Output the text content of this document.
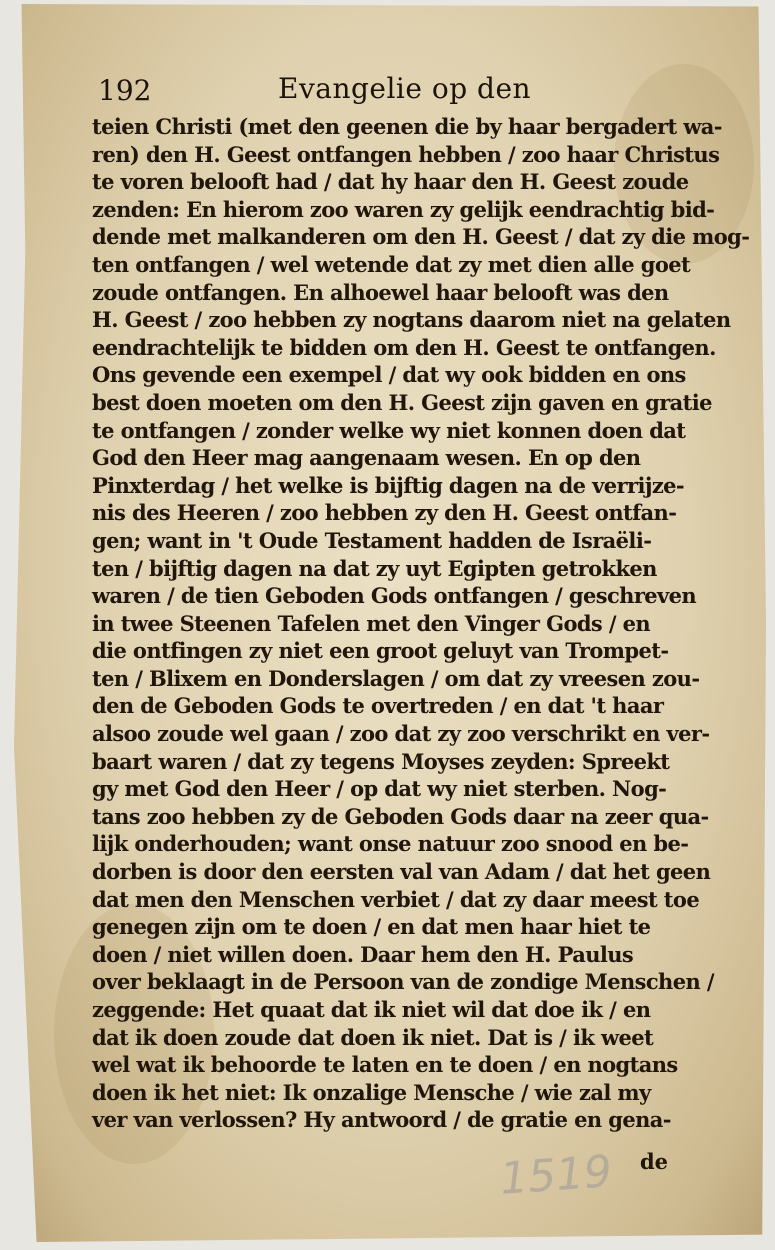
192	Evangelie op den
teien Christi (met den geenen die by haar bergadert wa-
ren) den H. Geest ontfangen hebben / zoo haar Christus
te voren belooft had / dat hy haar den H. Geest zoude
zenden: En hierom zoo waren zy gelijk eendrachtig bid-
dende met malkanderen om den H. Geest / dat zy die mog-
ten ontfangen / wel wetende dat zy met dien alle goet
zoude ontfangen. En alhoewel haar belooft was den
H. Geest / zoo hebben zy nogtans daarom niet na gelaten
eendrachtelijk te bidden om den H. Geest te ontfangen.
Ons gevende een exempel / dat wy ook bidden en ons
best doen moeten om den H. Geest zijn gaven en gratie
te ontfangen / zonder welke wy niet konnen doen dat
God den Heer mag aangenaam wesen. En op den
Pinxterdag / het welke is bijftig dagen na de verrijze-
nis des Heeren / zoo hebben zy den H. Geest ontfan-
gen; want in 't Oude Testament hadden de Israëli-
ten / bijftig dagen na dat zy uyt Egipten getrokken
waren / de tien Geboden Gods ontfangen / geschreven
in twee Steenen Tafelen met den Vinger Gods / en
die ontfingen zy niet een groot geluyt van Trompet-
ten / Blixem en Donderslagen / om dat zy vreesen zou-
den de Geboden Gods te overtreden / en dat 't haar
alsoo zoude wel gaan / zoo dat zy zoo verschrikt en ver-
baart waren / dat zy tegens Moyses zeyden: Spreekt
gy met God den Heer / op dat wy niet sterben. Nog-
tans zoo hebben zy de Geboden Gods daar na zeer qua-
lijk onderhouden; want onse natuur zoo snood en be-
dorben is door den eersten val van Adam / dat het geen
dat men den Menschen verbiet / dat zy daar meest toe
genegen zijn om te doen / en dat men haar hiet te
doen / niet willen doen. Daar hem den H. Paulus
over beklaagt in de Persoon van de zondige Menschen /
zeggende: Het quaat dat ik niet wil dat doe ik / en
dat ik doen zoude dat doen ik niet. Dat is / ik weet
wel wat ik behoorde te laten en te doen / en nogtans
doen ik het niet: Ik onzalige Mensche / wie zal my
ver van verlossen? Hy antwoord / de gratie en gena-
1519 de
